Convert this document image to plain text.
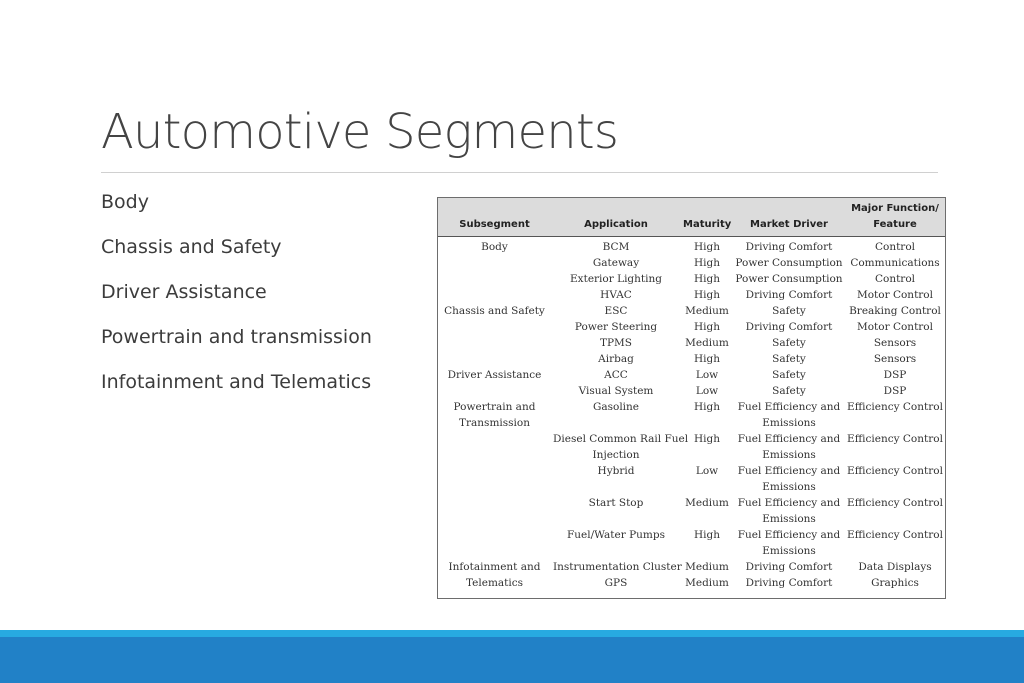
Automotive Segments
Body
Chassis and Safety
Driver Assistance
Powertrain and transmission
Infotainment and Telematics
Subsegment	Application	Maturity	Market Driver	Major Function/ Feature
Body	BCM	High	Driving Comfort	Control
	Gateway	High	Power Consumption	Communications
	Exterior Lighting	High	Power Consumption	Control
	HVAC	High	Driving Comfort	Motor Control
Chassis and Safety	ESC	Medium	Safety	Breaking Control
	Power Steering	High	Driving Comfort	Motor Control
	TPMS	Medium	Safety	Sensors
	Airbag	High	Safety	Sensors
Driver Assistance	ACC	Low	Safety	DSP
	Visual System	Low	Safety	DSP
Powertrain and	Gasoline	High	Fuel Efficiency and	Efficiency Control
Transmission			Emissions	
	Diesel Common Rail Fuel	High	Fuel Efficiency and	Efficiency Control
	Injection		Emissions	
	Hybrid	Low	Fuel Efficiency and	Efficiency Control
			Emissions	
	Start Stop	Medium	Fuel Efficiency and	Efficiency Control
			Emissions	
	Fuel/Water Pumps	High	Fuel Efficiency and	Efficiency Control
			Emissions	
Infotainment and	Instrumentation Cluster	Medium	Driving Comfort	Data Displays
Telematics	GPS	Medium	Driving Comfort	Graphics
